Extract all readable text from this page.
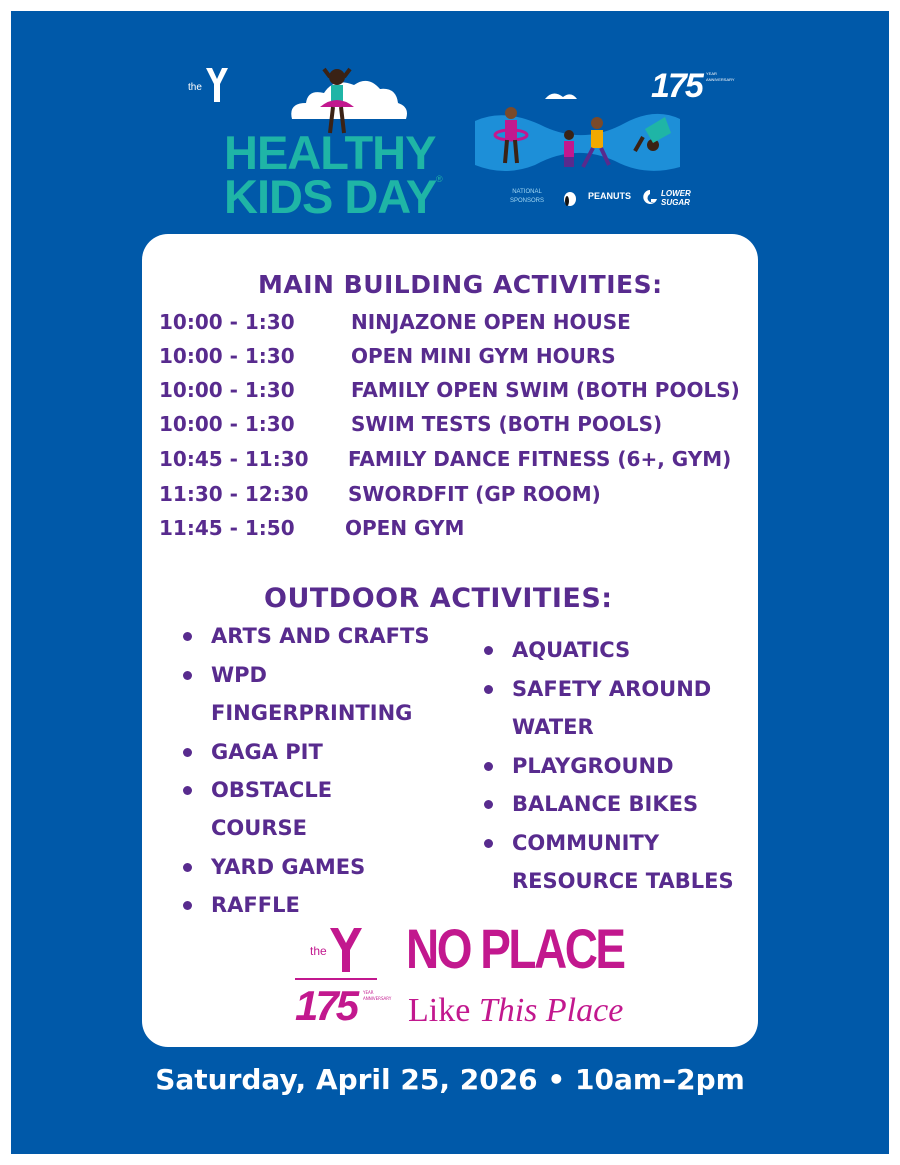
the
HEALTHY
KIDS DAY ®
175 YEAR ANNIVERSARY
NATIONAL SPONSORS	PEANUTS	LOWER SUGAR
MAIN BUILDING ACTIVITIES:
10:00 - 1:30	NINJAZONE OPEN HOUSE
10:00 - 1:30	OPEN MINI GYM HOURS
10:00 - 1:30	FAMILY OPEN SWIM (BOTH POOLS)
10:00 - 1:30	SWIM TESTS (BOTH POOLS)
10:45 - 11:30 FAMILY DANCE FITNESS (6+, GYM)
11:30 - 12:30 SWORDFIT (GP ROOM)
11:45 - 1:50	OPEN GYM
OUTDOOR ACTIVITIES:
ARTS AND CRAFTS
WPD
FINGERPRINTING
GAGA PIT
OBSTACLE
COURSE
YARD GAMES
RAFFLE
AQUATICS
SAFETY AROUND
WATER
PLAYGROUND
BALANCE BIKES
COMMUNITY
RESOURCE TABLES
the
175 YEAR ANNIVERSARY
NO PLACE
Like This Place
Saturday, April 25, 2026 • 10am–2pm
